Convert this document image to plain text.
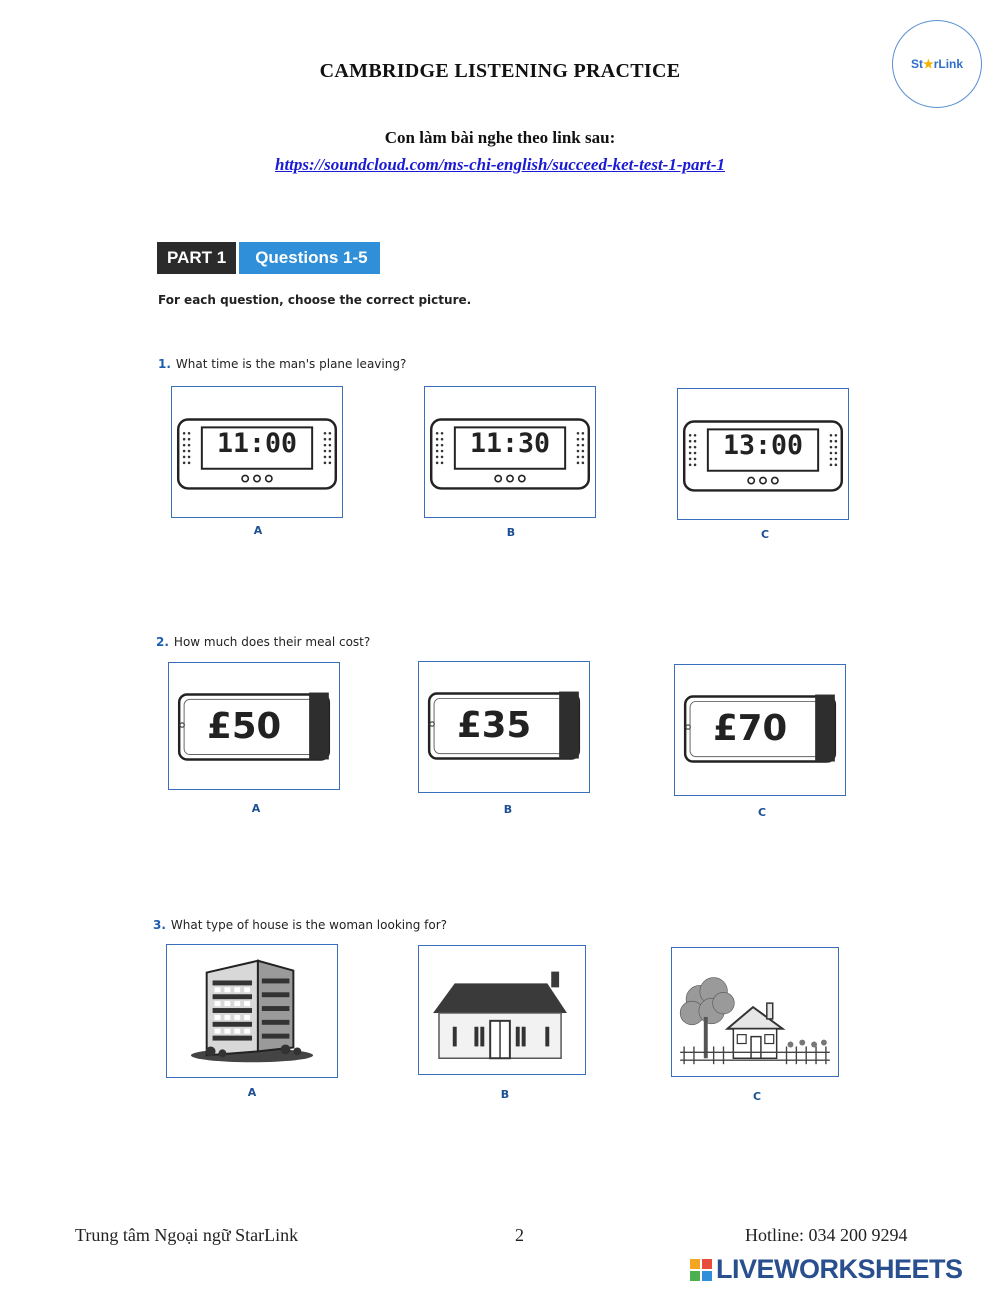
CAMBRIDGE LISTENING PRACTICE	St ★ rLink
Con làm bài nghe theo link sau:
https://soundcloud.com/ms-chi-english/succeed-ket-test-1-part-1
PART 1	Questions 1-5
For each question, choose the correct picture.
1. What time is the man's plane leaving?
11:00
A
11:30
B
13:00
C
2. How much does their meal cost?
£50
A
£35
B
£70
C
3. What type of house is the woman looking for?
A	B	C
Trung tâm Ngoại ngữ StarLink	2	Hotline: 034 200 9294
LIVEWORKSHEETS
